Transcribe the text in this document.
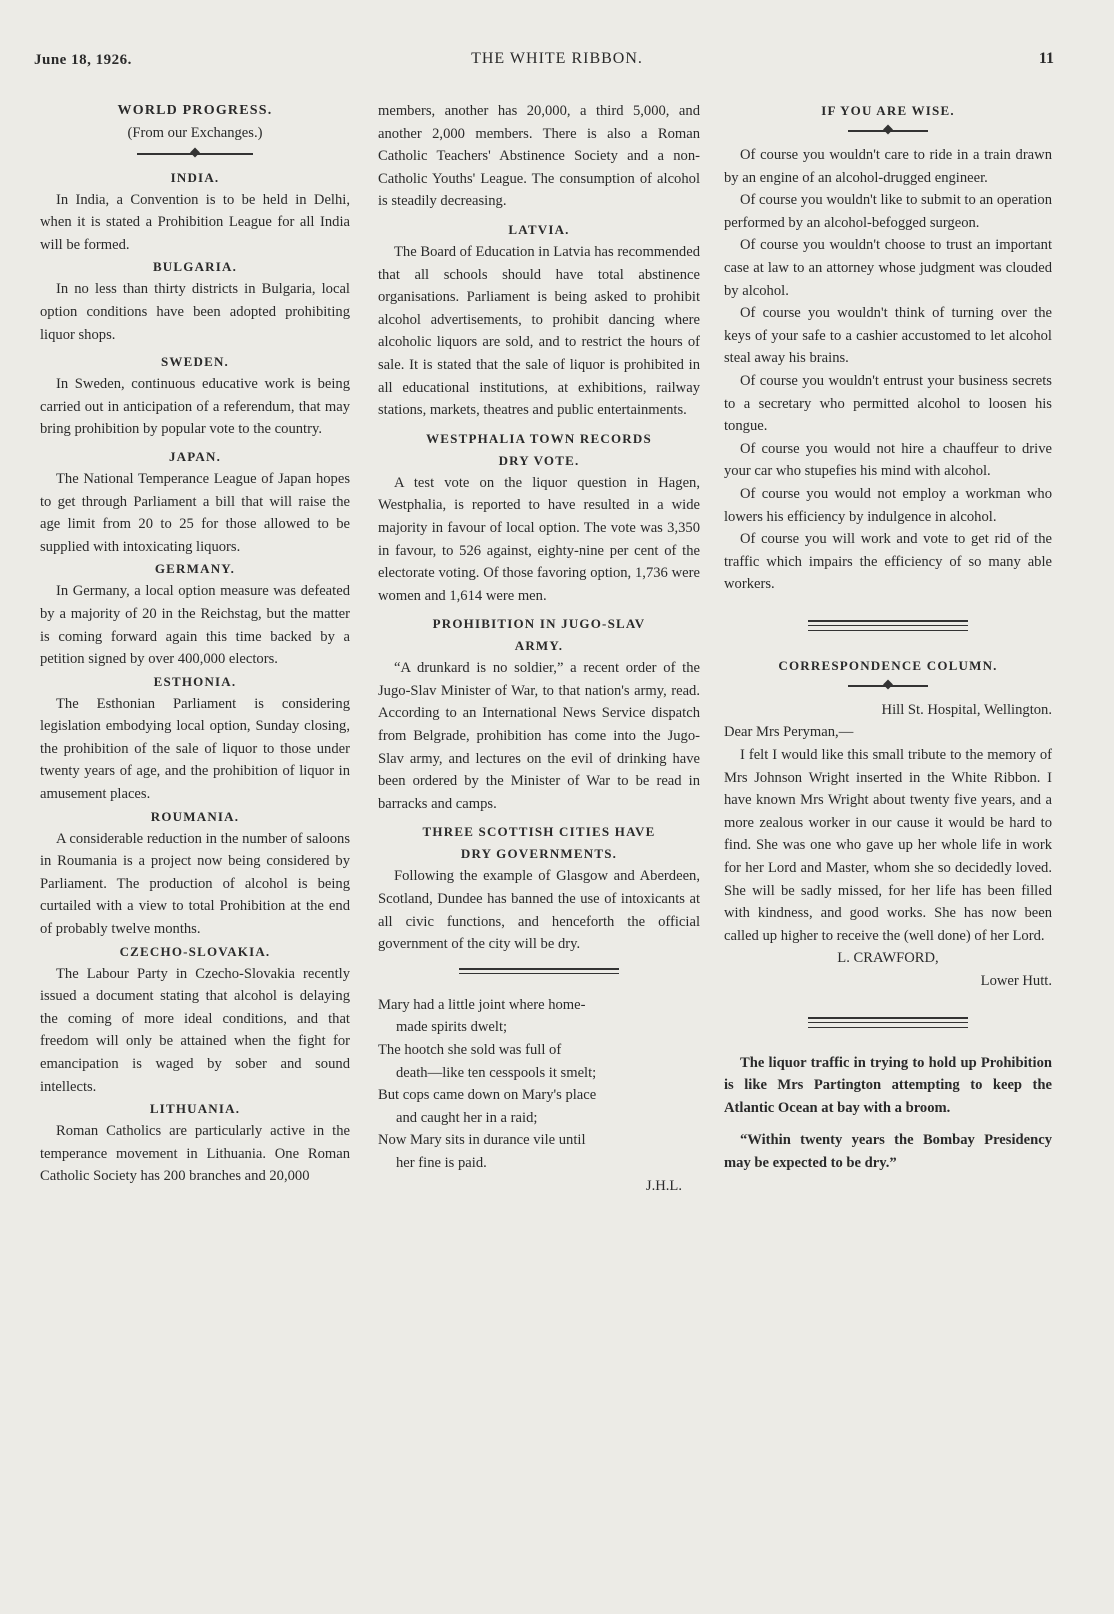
June 18, 1926.	THE WHITE RIBBON.	11
WORLD PROGRESS.
(From our Exchanges.)
INDIA.

In India, a Convention is to be held in Delhi, when it is stated a Prohibition League for all India will be formed.

BULGARIA.

In no less than thirty districts in Bulgaria, local option conditions have been adopted prohibiting liquor shops.

SWEDEN.

In Sweden, continuous educative work is being carried out in anticipation of a referendum, that may bring prohibition by popular vote to the country.

JAPAN.

The National Temperance League of Japan hopes to get through Parliament a bill that will raise the age limit from 20 to 25 for those allowed to be supplied with intoxicating liquors.

GERMANY.

In Germany, a local option measure was defeated by a majority of 20 in the Reichstag, but the matter is coming forward again this time backed by a petition signed by over 400,000 electors.

ESTHONIA.

The Esthonian Parliament is considering legislation embodying local option, Sunday closing, the prohibition of the sale of liquor to those under twenty years of age, and the prohibition of liquor in amusement places.

ROUMANIA.

A considerable reduction in the number of saloons in Roumania is a project now being considered by Parliament. The production of alcohol is being curtailed with a view to total Prohibition at the end of probably twelve months.

CZECHO-SLOVAKIA.

The Labour Party in Czecho-Slovakia recently issued a document stating that alcohol is delaying the coming of more ideal conditions, and that freedom will only be attained when the fight for emancipation is waged by sober and sound intellects.

LITHUANIA.

Roman Catholics are particularly active in the temperance movement in Lithuania. One Roman Catholic Society has 200 branches and 20,000

members, another has 20,000, a third 5,000, and another 2,000 members. There is also a Roman Catholic Teachers' Abstinence Society and a non-Catholic Youths' League. The consumption of alcohol is steadily decreasing.

LATVIA.

The Board of Education in Latvia has recommended that all schools should have total abstinence organisations. Parliament is being asked to prohibit alcohol advertisements, to prohibit dancing where alcoholic liquors are sold, and to restrict the hours of sale. It is stated that the sale of liquor is prohibited in all educational institutions, at exhibitions, railway stations, markets, theatres and public entertainments.

WESTPHALIA TOWN RECORDS
DRY VOTE.

A test vote on the liquor question in Hagen, Westphalia, is reported to have resulted in a wide majority in favour of local option. The vote was 3,350 in favour, to 526 against, eighty-nine per cent of the electorate voting. Of those favoring option, 1,736 were women and 1,614 were men.

PROHIBITION IN JUGO-SLAV
ARMY.

“A drunkard is no soldier,” a recent order of the Jugo-Slav Minister of War, to that nation's army, read. According to an International News Service dispatch from Belgrade, prohibition has come into the Jugo-Slav army, and lectures on the evil of drinking have been ordered by the Minister of War to be read in barracks and camps.

THREE SCOTTISH CITIES HAVE
DRY GOVERNMENTS.

Following the example of Glasgow and Aberdeen, Scotland, Dundee has banned the use of intoxicants at all civic functions, and henceforth the official government of the city will be dry.

Mary had a little joint where home-
made spirits dwelt;
The hootch she sold was full of
death—like ten cesspools it smelt;
But cops came down on Mary's place
and caught her in a raid;
Now Mary sits in durance vile until
her fine is paid.
J.H.L.
IF YOU ARE WISE.

Of course you wouldn't care to ride in a train drawn by an engine of an alcohol-drugged engineer.

Of course you wouldn't like to submit to an operation performed by an alcohol-befogged surgeon.

Of course you wouldn't choose to trust an important case at law to an attorney whose judgment was clouded by alcohol.

Of course you wouldn't think of turning over the keys of your safe to a cashier accustomed to let alcohol steal away his brains.

Of course you wouldn't entrust your business secrets to a secretary who permitted alcohol to loosen his tongue.

Of course you would not hire a chauffeur to drive your car who stupefies his mind with alcohol.

Of course you would not employ a workman who lowers his efficiency by indulgence in alcohol.

Of course you will work and vote to get rid of the traffic which impairs the efficiency of so many able workers.

CORRESPONDENCE COLUMN.
Hill St. Hospital, Wellington.
Dear Mrs Peryman,—

I felt I would like this small tribute to the memory of Mrs Johnson Wright inserted in the White Ribbon. I have known Mrs Wright about twenty five years, and a more zealous worker in our cause it would be hard to find. She was one who gave up her whole life in work for her Lord and Master, whom she so decidedly loved. She will be sadly missed, for her life has been filled with kindness, and good works. She has now been called up higher to receive the (well done) of her Lord.

L. CRAWFORD,
Lower Hutt.

The liquor traffic in trying to hold up Prohibition is like Mrs Partington attempting to keep the Atlantic Ocean at bay with a broom.

“Within twenty years the Bombay Presidency may be expected to be dry.”
